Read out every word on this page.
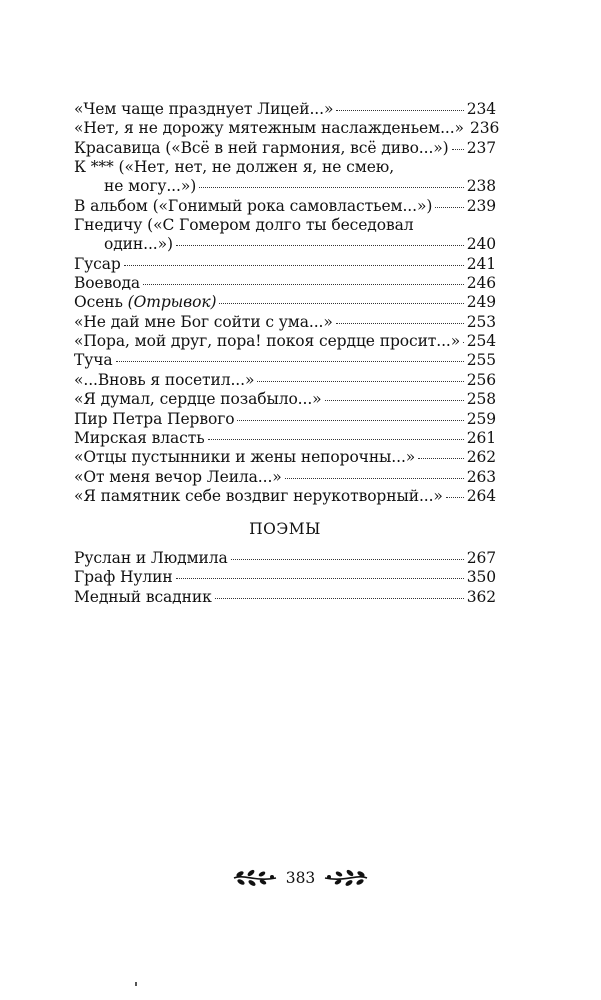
«Чем чаще празднует Лицей...»	234
«Нет, я не дорожу мятежным наслажденьем...» 236
Красавица («Всё в ней гармония, всё диво...») 237
К *** («Нет, нет, не должен я, не смею,
не могу...»)	238
В альбом («Гонимый рока самовластьем...») 239
Гнедичу («С Гомером долго ты беседовал
один...»)	240
Гусар	241
Воевода	246
Осень (Отрывок)	249
«Не дай мне Бог сойти с ума...»	253
«Пора, мой друг, пора! покоя сердце просит...» 254
Туча	255
«...Вновь я посетил...»	256
«Я думал, сердце позабыло...»	258
Пир Петра Первого	259
Мирская власть	261
«Отцы пустынники и жены непорочны...»	262
«От меня вечор Леила...»	263
«Я памятник себе воздвиг нерукотворный...» 264
ПОЭМЫ
Руслан и Людмила	267
Граф Нулин	350
Медный всадник	362
383
